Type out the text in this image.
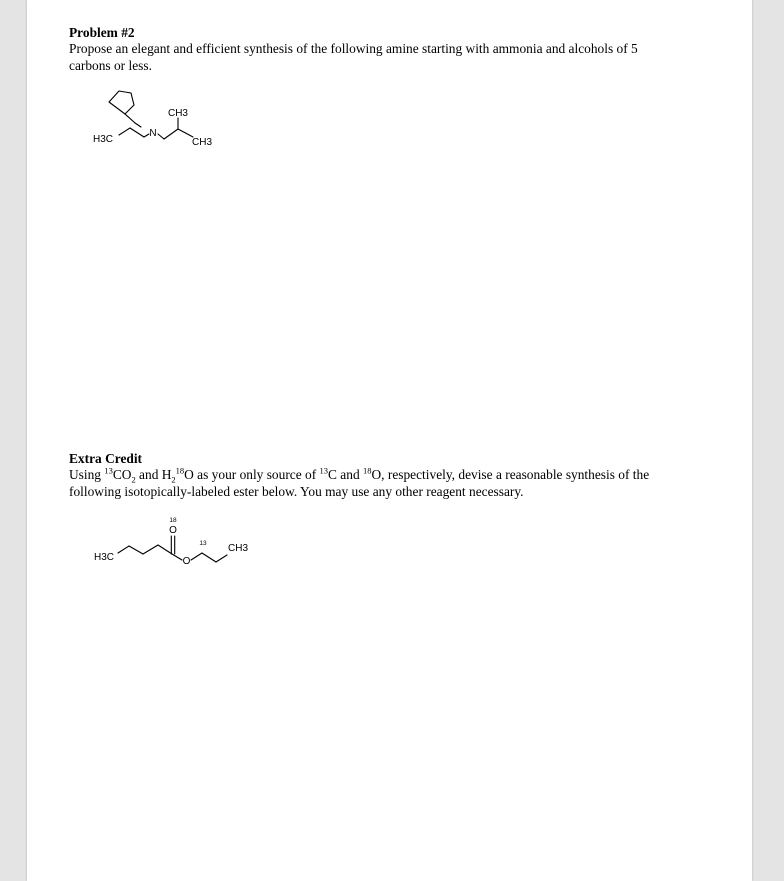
Problem #2
Propose an elegant and efficient synthesis of the following amine starting with ammonia and alcohols of 5
carbons or less.
H3C
N
CH3
CH3
Extra Credit
Using $^{13}CO_2$ and $H_2^{18}O$ as your only source of $^{13}$C and $^{18}$O, respectively, devise a reasonable synthesis of the
following isotopically-labeled ester below. You may use any other reagent necessary.
18
O
O
13
H3C
CH3
